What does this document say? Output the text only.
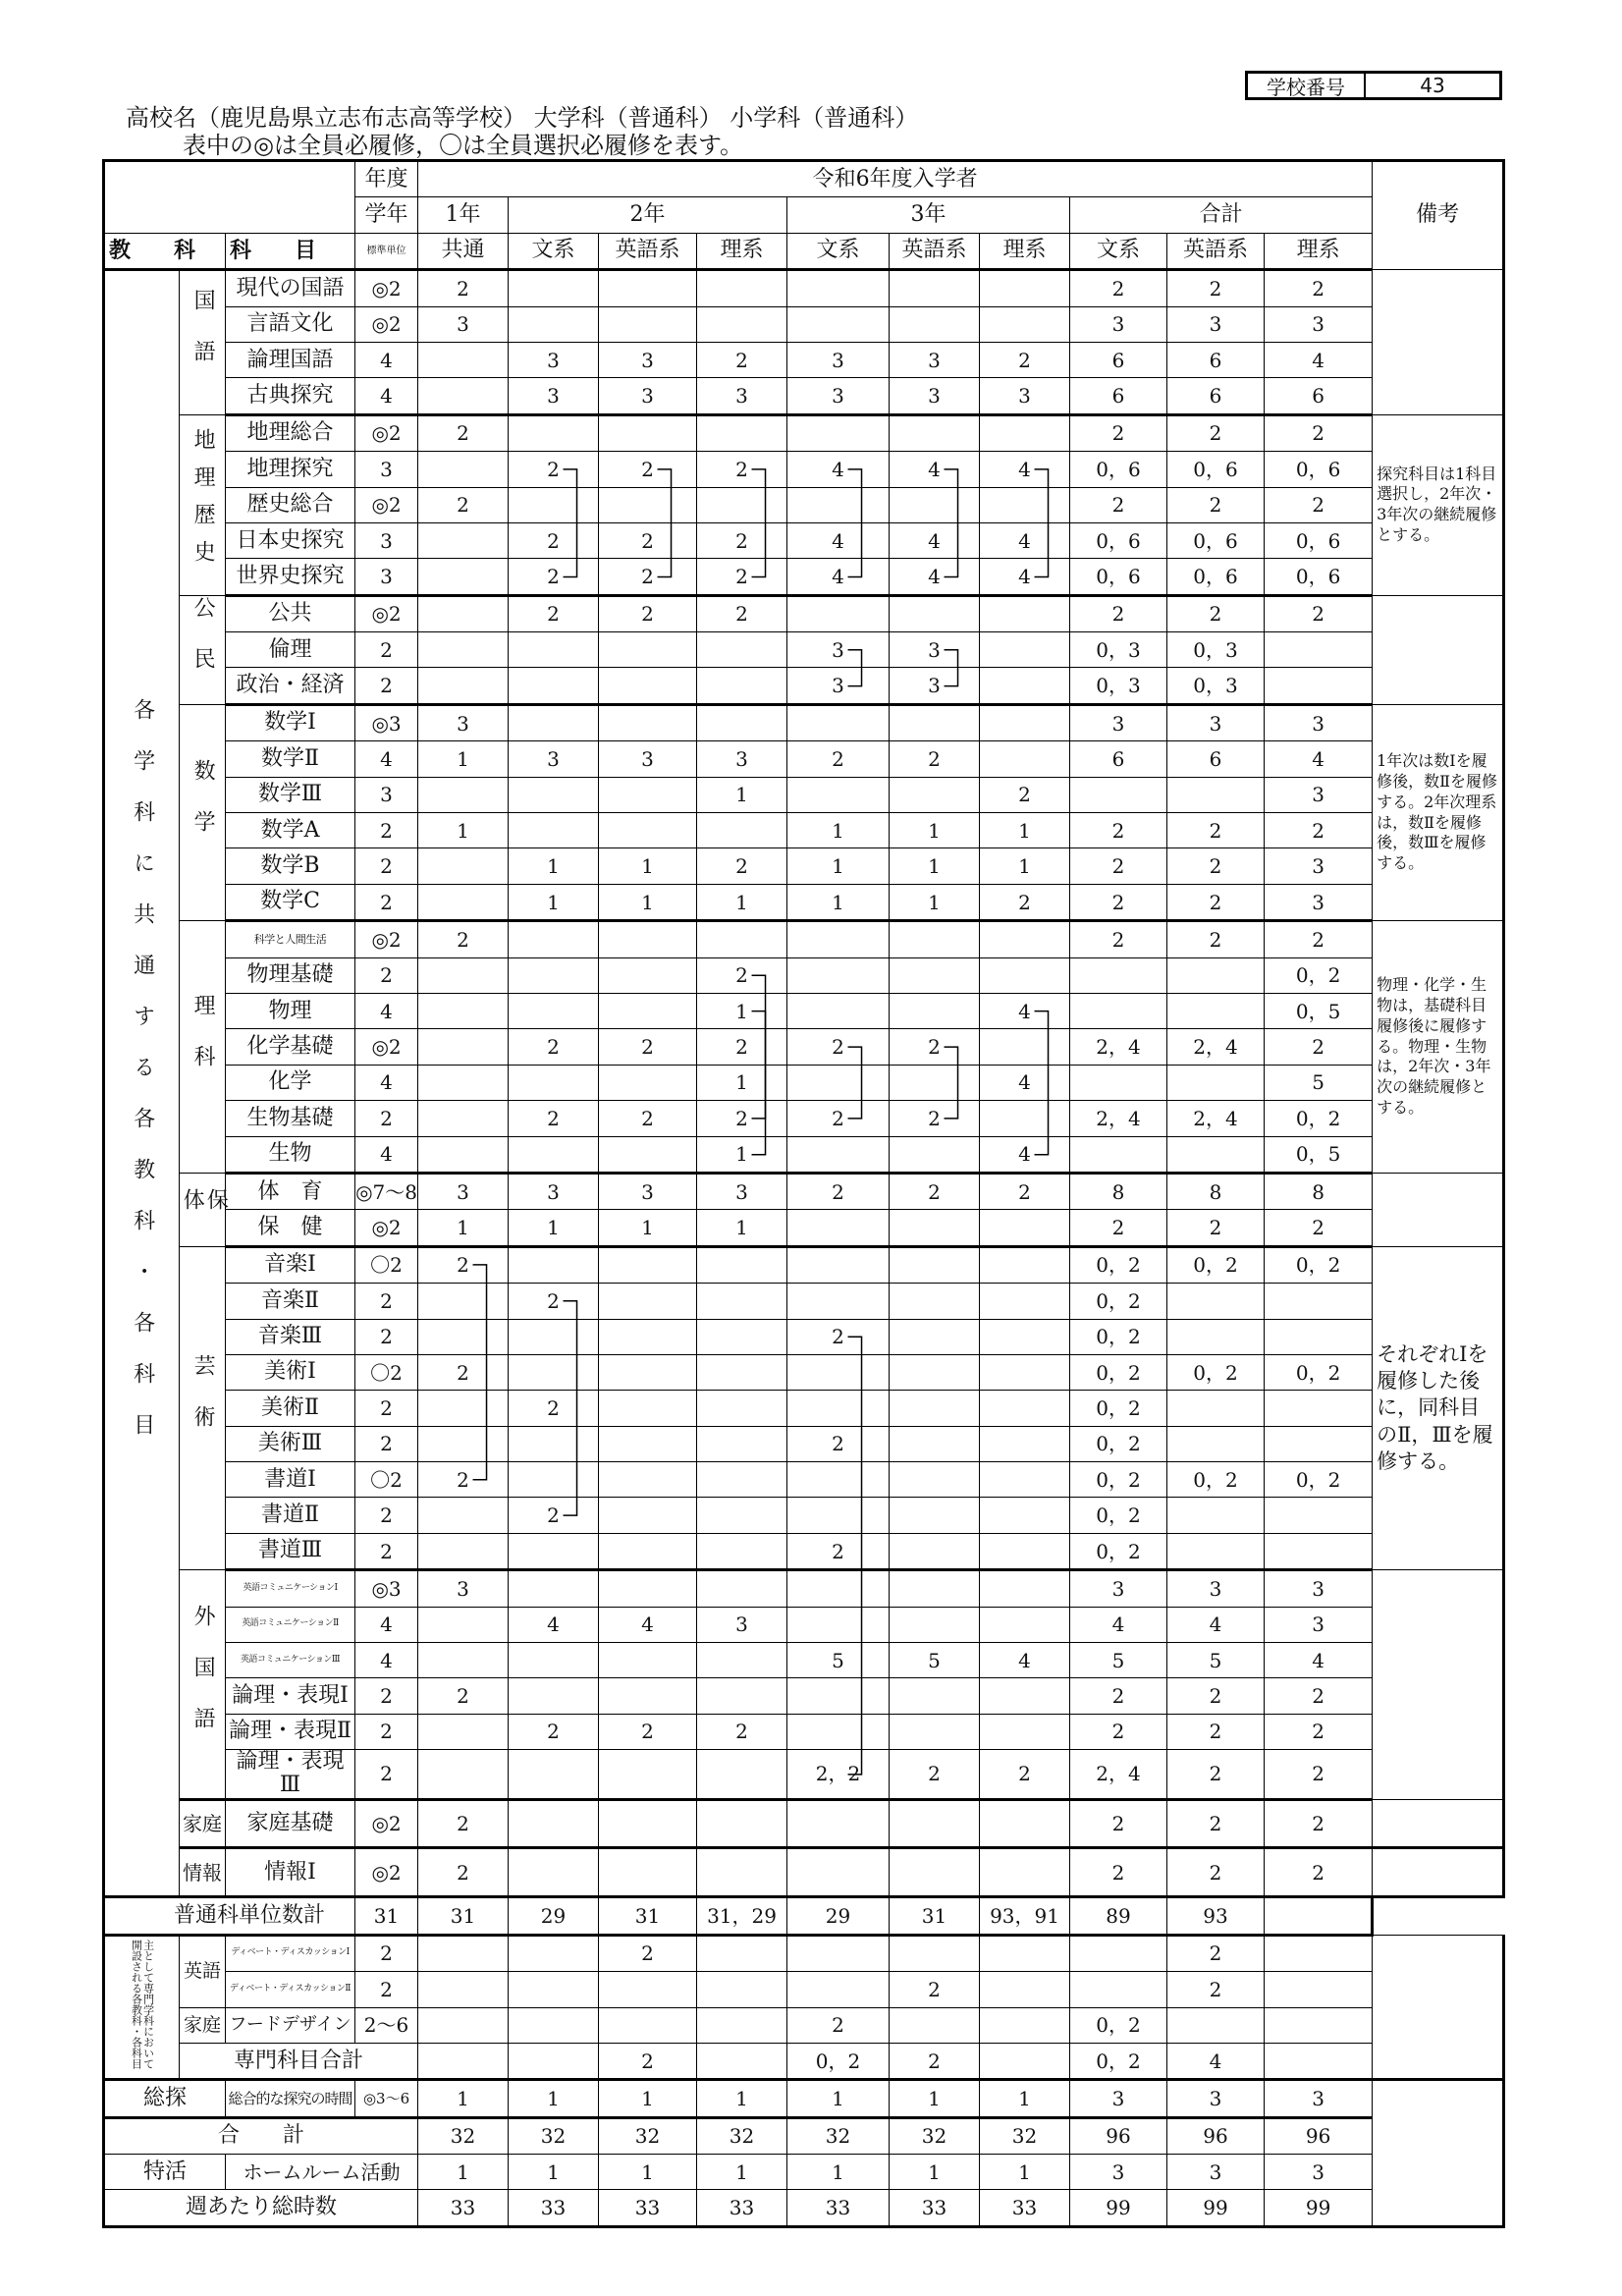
学校番号	43
高校名（鹿児島県立志布志高等学校） 大学科（普通科） 小学科（普通科）
表中の◎は全員必履修，〇は全員選択必履修を表す。
			年度	令和6年度入学者										備考
			学年	1年	2年			3年			合計			
教　　科		科　　目	標準単位	共通	文系	英語系	理系	文系	英語系	理系	文系	英語系	理系	
各学科に共通する各教科・各科目	国語	現代の国語	◎2	2							2	2	2	
		言語文化	◎2	3							3	3	3	
		論理国語	4		3	3	2	3	3	2	6	6	4	
		古典探究	4		3	3	3	3	3	3	6	6	6	
	地理歴史	地理総合	◎2	2							2	2	2	探究科目は1科目選択し，2年次・3年次の継続履修とする。
		地理探究	3		2	2	2	4	4	4	0，6	0，6	0，6	
		歴史総合	◎2	2							2	2	2	
		日本史探究	3		2	2	2	4	4	4	0，6	0，6	0，6	
		世界史探究	3		2	2	2	4	4	4	0，6	0，6	0，6	
	公民	公共	◎2		2	2	2				2	2	2	
		倫理	2					3	3		0，3	0，3		
		政治・経済	2					3	3		0，3	0，3		
	数学	数学Ⅰ	◎3	3							3	3	3	1年次は数Ⅰを履修後，数Ⅱを履修する。2年次理系は，数Ⅱを履修後，数Ⅲを履修する。
		数学Ⅱ	4	1	3	3	3	2	2		6	6	4	
		数学Ⅲ	3				1			2			3	
		数学A	2	1				1	1	1	2	2	2	
		数学B	2		1	1	2	1	1	1	2	2	3	
		数学C	2		1	1	1	1	1	2	2	2	3	
	理科	科学と人間生活	◎2	2							2	2	2	物理・化学・生物は，基礎科目履修後に履修する。物理・生物は，2年次・3年次の継続履修とする。
		物理基礎	2				2						0，2	
		物理	4				1			4			0，5	
		化学基礎	◎2		2	2	2	2	2		2，4	2，4	2	
		化学	4				1			4			5	
		生物基礎	2		2	2	2	2	2		2，4	2，4	0，2	
		生物	4				1			4			0，5	
	保体	体　育	◎7～8	3	3	3	3	2	2	2	8	8	8	
		保　健	◎2	1	1	1	1				2	2	2	
	芸術	音楽Ⅰ	〇2	2							0，2	0，2	0，2	それぞれⅠを履修した後に，同科目のⅡ，Ⅲを履修する。
		音楽Ⅱ	2		2						0，2			
		音楽Ⅲ	2					2			0，2			
		美術Ⅰ	〇2	2							0，2	0，2	0，2	
		美術Ⅱ	2		2						0，2			
		美術Ⅲ	2					2			0，2			
		書道Ⅰ	〇2	2							0，2	0，2	0，2	
		書道Ⅱ	2		2						0，2			
		書道Ⅲ	2					2			0，2			
	外国語	英語コミュニケーションⅠ	◎3	3							3	3	3	
		英語コミュニケーションⅡ	4		4	4	3				4	4	3	
		英語コミュニケーションⅢ	4					5	5	4	5	5	4	
		論理・表現Ⅰ	2	2							2	2	2	
		論理・表現Ⅱ	2		2	2	2				2	2	2	
		論理・表現Ⅲ	2					2，2	2	2	2，4	2	2	
	家庭	家庭基礎	◎2	2							2	2	2	
	情報	情報Ⅰ	◎2	2							2	2	2	
普通科単位数計			31	31	29	31	31，29	29	31	93，91	89	93		
主として専門学科において開設される各教科・各科目	英語	ディベート・ディスカッションⅠ	2			2						2		
		ディベート・ディスカッションⅡ	2						2			2		
	家庭	フードデザイン	2～6					2			0，2			
	専門科目合計					2		0，2	2		0，2	4		
総探		総合的な探究の時間	◎3～6	1	1	1	1	1	1	1	3	3	3	
合　　計				32	32	32	32	32	32	32	96	96	96	
特活		ホームルーム活動		1	1	1	1	1	1	1	3	3	3	
週あたり総時数				33	33	33	33	33	33	33	99	99	99	
